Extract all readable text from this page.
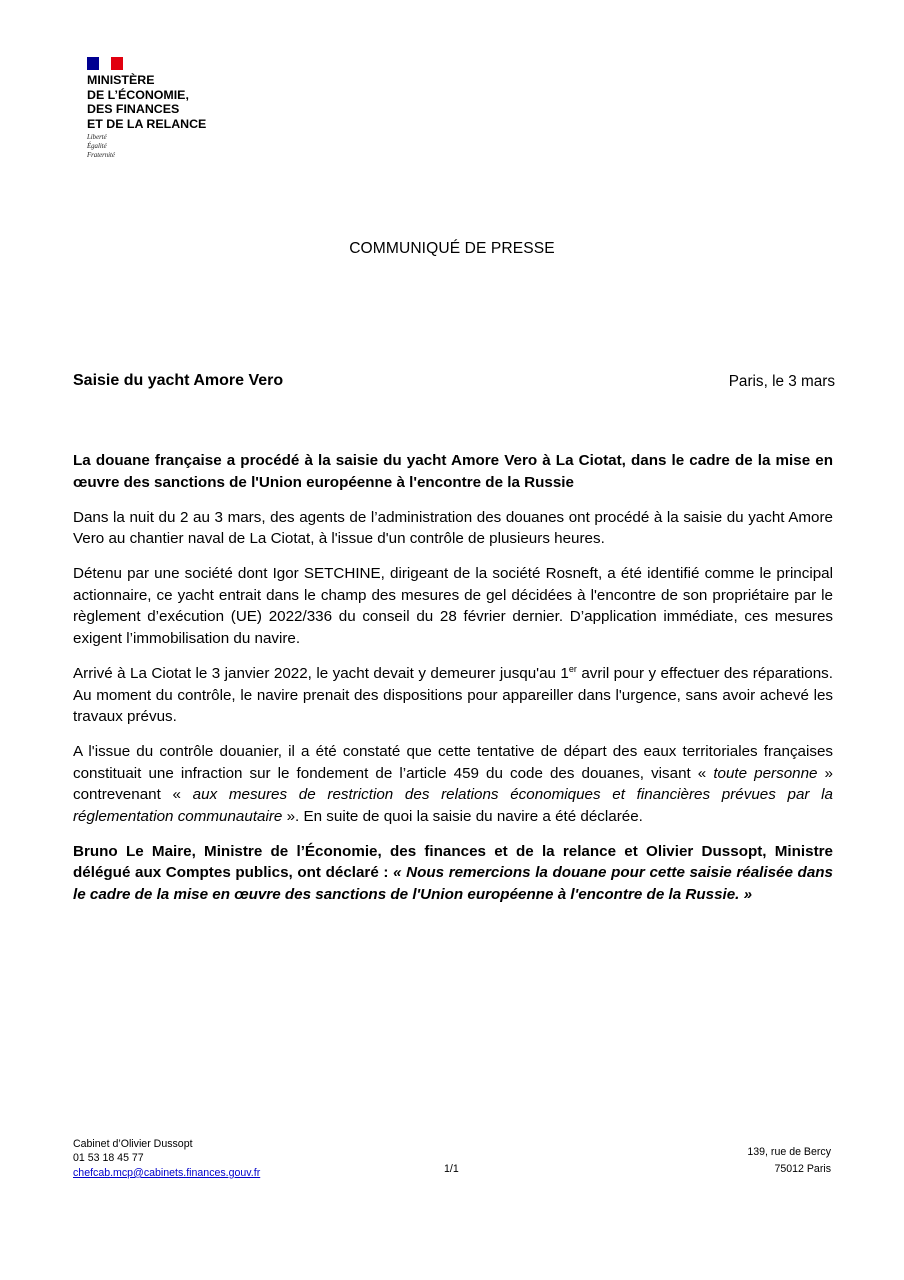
MINISTÈRE
DE L’ÉCONOMIE,
DES FINANCES
ET DE LA RELANCE
Liberté
Égalité
Fraternité
COMMUNIQUÉ DE PRESSE
Saisie du yacht Amore Vero	Paris, le 3 mars

La douane française a procédé à la saisie du yacht Amore Vero à La Ciotat, dans le cadre de la mise en œuvre des sanctions de l'Union européenne à l'encontre de la Russie

Dans la nuit du 2 au 3 mars, des agents de l’administration des douanes ont procédé à la saisie du yacht Amore Vero au chantier naval de La Ciotat, à l'issue d'un contrôle de plusieurs heures.

Détenu par une société dont Igor SETCHINE, dirigeant de la société Rosneft, a été identifié comme le principal actionnaire, ce yacht entrait dans le champ des mesures de gel décidées à l'encontre de son propriétaire par le règlement d’exécution (UE) 2022/336 du conseil du 28 février dernier. D’application immédiate, ces mesures exigent l’immobilisation du navire.

Arrivé à La Ciotat le 3 janvier 2022, le yacht devait y demeurer jusqu'au 1er avril pour y effectuer des réparations. Au moment du contrôle, le navire prenait des dispositions pour appareiller dans l'urgence, sans avoir achevé les travaux prévus.

A l'issue du contrôle douanier, il a été constaté que cette tentative de départ des eaux territoriales françaises constituait une infraction sur le fondement de l’article 459 du code des douanes, visant « toute personne » contrevenant « aux mesures de restriction des relations économiques et financières prévues par la réglementation communautaire ». En suite de quoi la saisie du navire a été déclarée.

Bruno Le Maire, Ministre de l’Économie, des finances et de la relance et Olivier Dussopt, Ministre délégué aux Comptes publics, ont déclaré : « Nous remercions la douane pour cette saisie réalisée dans le cadre de la mise en œuvre des sanctions de l'Union européenne à l'encontre de la Russie. »

Cabinet d’Olivier Dussopt
01 53 18 45 77
chefcab.mcp@cabinets.finances.gouv.fr	1/1
139, rue de Bercy
75012 Paris
